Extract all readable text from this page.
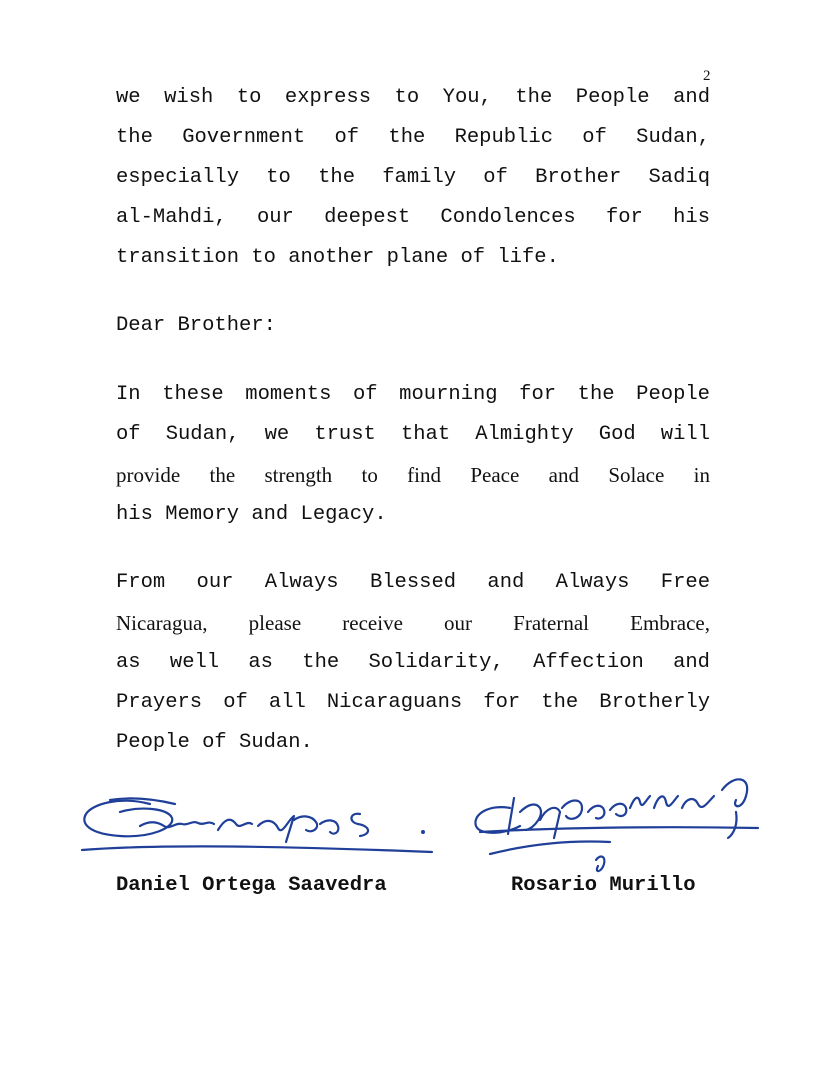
2
we wish to express to You, the People and
the Government of the Republic of Sudan,
especially to the family of Brother Sadiq
al-Mahdi, our deepest Condolences for his
transition to another plane of life.
Dear Brother:
In these moments of mourning for the People
of Sudan, we trust that Almighty God will
provide the strength to find Peace and Solace in
his Memory and Legacy.
From our Always Blessed and Always Free
Nicaragua, please receive our Fraternal Embrace,
as well as the Solidarity, Affection and
Prayers of all Nicaraguans for the Brotherly
People of Sudan.
Daniel Ortega Saavedra	Rosario Murillo
